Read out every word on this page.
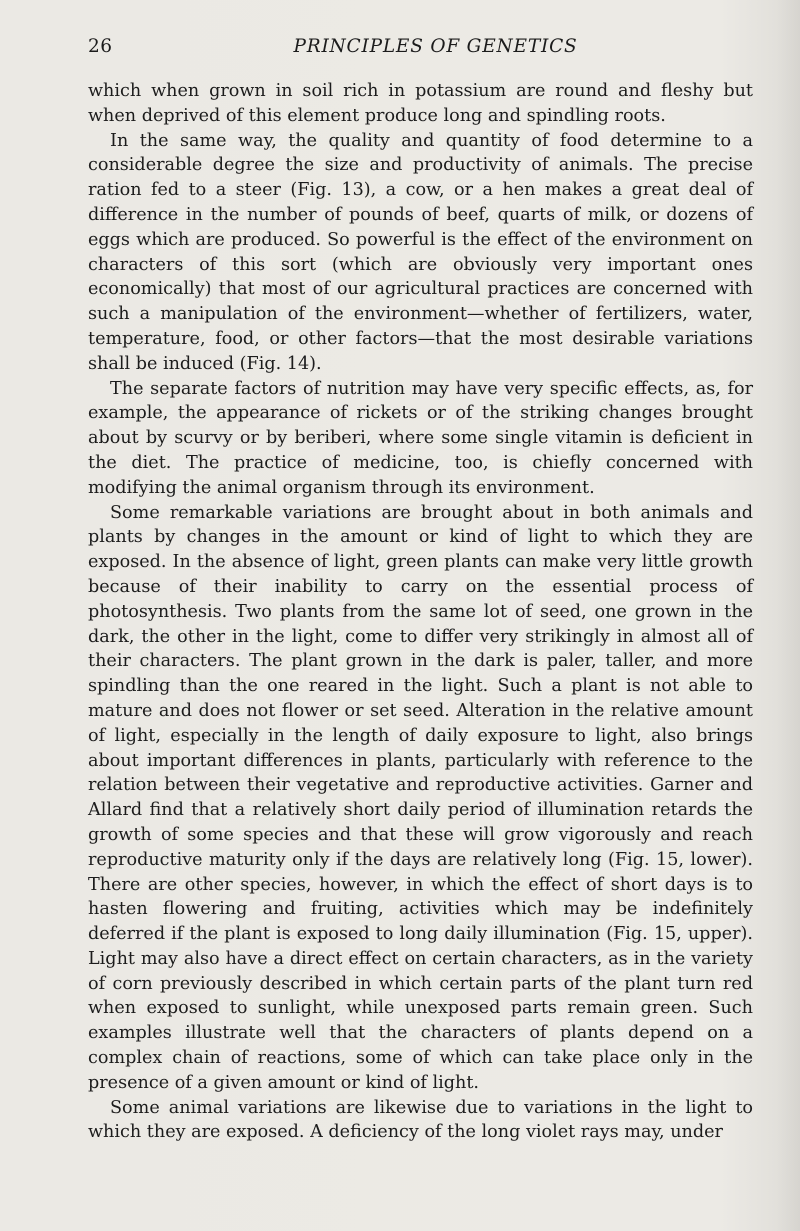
26	PRINCIPLES OF GENETICS

which when grown in soil rich in potassium are round and fleshy but when deprived of this element produce long and spindling roots.

In the same way, the quality and quantity of food determine to a considerable degree the size and productivity of animals. The precise ration fed to a steer (Fig. 13), a cow, or a hen makes a great deal of difference in the number of pounds of beef, quarts of milk, or dozens of eggs which are produced. So powerful is the effect of the environment on characters of this sort (which are obviously very important ones economically) that most of our agricultural practices are concerned with such a manipulation of the environment—whether of fertilizers, water, temperature, food, or other factors—that the most desirable variations shall be induced (Fig. 14).

The separate factors of nutrition may have very specific effects, as, for example, the appearance of rickets or of the striking changes brought about by scurvy or by beriberi, where some single vitamin is deficient in the diet. The practice of medicine, too, is chiefly concerned with modifying the animal organism through its environment.

Some remarkable variations are brought about in both animals and plants by changes in the amount or kind of light to which they are exposed. In the absence of light, green plants can make very little growth because of their inability to carry on the essential process of photosynthesis. Two plants from the same lot of seed, one grown in the dark, the other in the light, come to differ very strikingly in almost all of their characters. The plant grown in the dark is paler, taller, and more spindling than the one reared in the light. Such a plant is not able to mature and does not flower or set seed. Alteration in the relative amount of light, especially in the length of daily exposure to light, also brings about important differences in plants, particularly with reference to the relation between their vegetative and reproductive activities. Garner and Allard find that a relatively short daily period of illumination retards the growth of some species and that these will grow vigorously and reach reproductive maturity only if the days are relatively long (Fig. 15, lower). There are other species, however, in which the effect of short days is to hasten flowering and fruiting, activities which may be indefinitely deferred if the plant is exposed to long daily illumination (Fig. 15, upper). Light may also have a direct effect on certain characters, as in the variety of corn previously described in which certain parts of the plant turn red when exposed to sunlight, while unexposed parts remain green. Such examples illustrate well that the characters of plants depend on a complex chain of reactions, some of which can take place only in the presence of a given amount or kind of light.

Some animal variations are likewise due to variations in the light to which they are exposed. A deficiency of the long violet rays may, under
